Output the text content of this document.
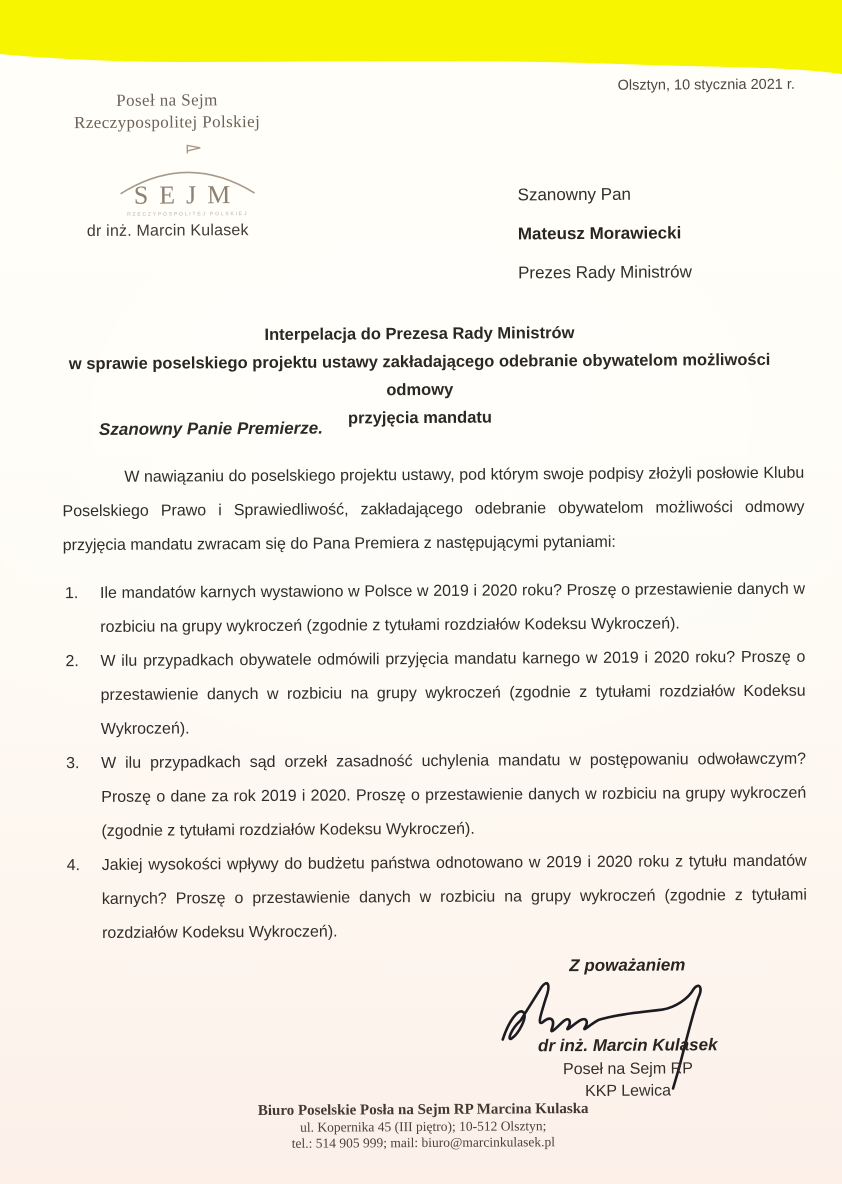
Poseł na Sejm
Rzeczypospolitej Polskiej
SEJM
RZECZYPOSPOLITEJ POLSKIEJ
dr inż. Marcin Kulasek
Olsztyn, 10 stycznia 2021 r.
Szanowny Pan
Mateusz Morawiecki
Prezes Rady Ministrów
Interpelacja do Prezesa Rady Ministrów
w sprawie poselskiego projektu ustawy zakładającego odebranie obywatelom możliwości odmowy
przyjęcia mandatu
Szanowny Panie Premierze.
W nawiązaniu do poselskiego projektu ustawy, pod którym swoje podpisy złożyli posłowie Klubu Poselskiego Prawo i Sprawiedliwość, zakładającego odebranie obywatelom możliwości odmowy przyjęcia mandatu zwracam się do Pana Premiera z następującymi pytaniami:
1. Ile mandatów karnych wystawiono w Polsce w 2019 i 2020 roku? Proszę o przestawienie danych w rozbiciu na grupy wykroczeń (zgodnie z tytułami rozdziałów Kodeksu Wykroczeń).
2. W ilu przypadkach obywatele odmówili przyjęcia mandatu karnego w 2019 i 2020 roku? Proszę o przestawienie danych w rozbiciu na grupy wykroczeń (zgodnie z tytułami rozdziałów Kodeksu Wykroczeń).
3. W ilu przypadkach sąd orzekł zasadność uchylenia mandatu w postępowaniu odwoławczym? Proszę o dane za rok 2019 i 2020. Proszę o przestawienie danych w rozbiciu na grupy wykroczeń (zgodnie z tytułami rozdziałów Kodeksu Wykroczeń).
4. Jakiej wysokości wpływy do budżetu państwa odnotowano w 2019 i 2020 roku z tytułu mandatów karnych? Proszę o przestawienie danych w rozbiciu na grupy wykroczeń (zgodnie z tytułami rozdziałów Kodeksu Wykroczeń).
Z poważaniem
dr inż. Marcin Kulasek
Poseł na Sejm RP
KKP Lewica
Biuro Poselskie Posła na Sejm RP Marcina Kulaska
ul. Kopernika 45 (III piętro); 10-512 Olsztyn;
tel.: 514 905 999; mail: biuro@marcinkulasek.pl
